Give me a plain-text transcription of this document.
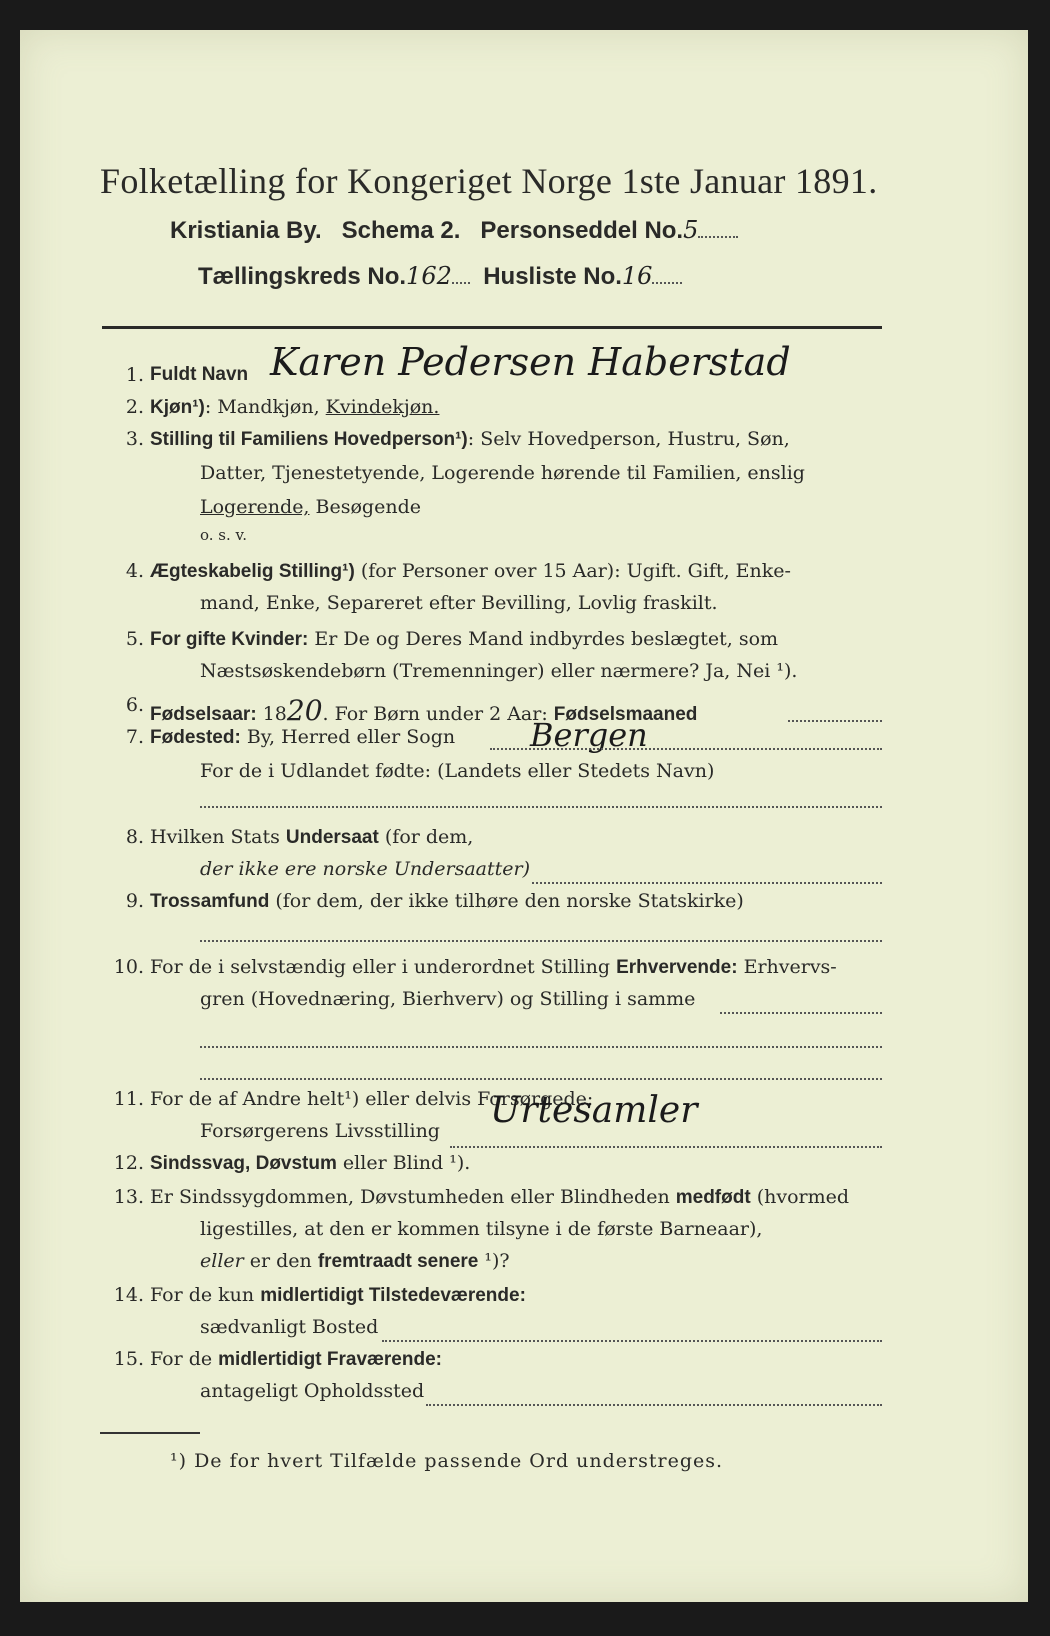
Folketælling for Kongeriget Norge 1ste Januar 1891.
Kristiania By. Schema 2. Personseddel No.5
Tællingskreds No.162 Husliste No.16
1. Fuldt Navn Karen Pedersen Haberstad
2. Kjøn¹): Mandkjøn, Kvindekjøn.
3. Stilling til Familiens Hovedperson¹): Selv Hovedperson, Hustru, Søn,
Datter, Tjenestetyende, Logerende hørende til Familien, enslig
Logerende, Besøgende
o. s. v.
4. Ægteskabelig Stilling¹) (for Personer over 15 Aar): Ugift. Gift, Enke-
mand, Enke, Separeret efter Bevilling, Lovlig fraskilt.
5. For gifte Kvinder: Er De og Deres Mand indbyrdes beslægtet, som
Næstsøskendebørn (Tremenninger) eller nærmere? Ja, Nei ¹).
6. Fødselsaar: 1820. For Børn under 2 Aar: Fødselsmaaned
7. Fødested: By, Herred eller Sogn Bergen
For de i Udlandet fødte: (Landets eller Stedets Navn)
8. Hvilken Stats Undersaat (for dem,
der ikke ere norske Undersaatter)
9. Trossamfund (for dem, der ikke tilhøre den norske Statskirke)
10. For de i selvstændig eller i underordnet Stilling Erhvervende: Erhvervs-
gren (Hovednæring, Bierhverv) og Stilling i samme
11. For de af Andre helt¹) eller delvis Forsørgede:
Forsørgerens Livsstilling Urtesamler
12. Sindssvag, Døvstum eller Blind ¹).
13. Er Sindssygdommen, Døvstumheden eller Blindheden medfødt (hvormed
ligestilles, at den er kommen tilsyne i de første Barneaar),
eller er den fremtraadt senere ¹)?
14. For de kun midlertidigt Tilstedeværende:
sædvanligt Bosted
15. For de midlertidigt Fraværende:
antageligt Opholdssted
¹) De for hvert Tilfælde passende Ord understreges.
